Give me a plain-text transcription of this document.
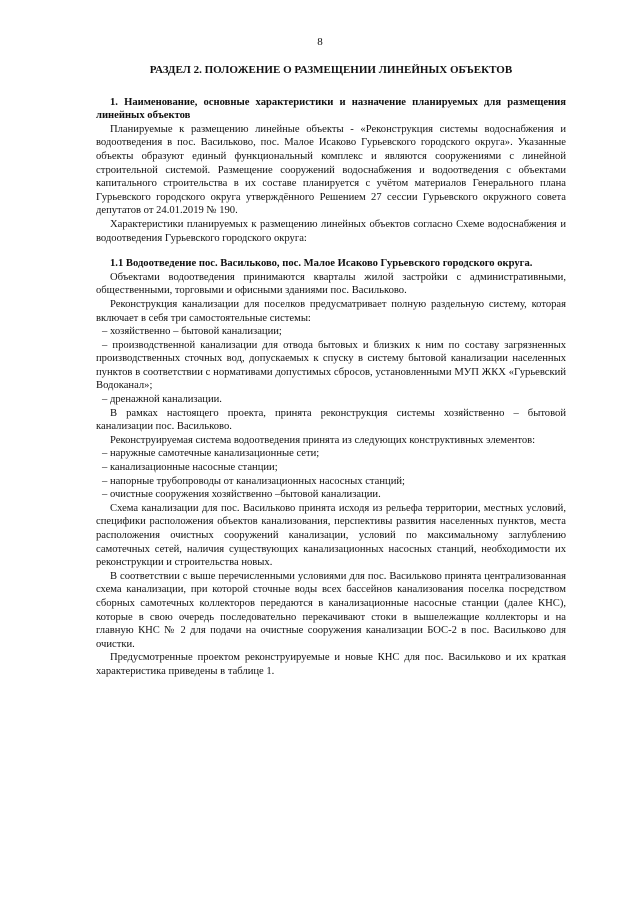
8
РАЗДЕЛ 2. ПОЛОЖЕНИЕ О РАЗМЕЩЕНИИ ЛИНЕЙНЫХ ОБЪЕКТОВ

1. Наименование, основные характеристики и назначение планируемых для размещения линейных объектов

Планируемые к размещению линейные объекты - «Реконструкция системы водоснабжения и водоотведения в пос. Васильково, пос. Малое Исаково Гурьевского городского округа». Указанные объекты образуют единый функциональный комплекс и являются сооружениями с линейной строительной системой. Размещение сооружений водоснабжения и водоотведения с объектами капитального строительства в их составе планируется с учётом материалов Генерального плана Гурьевского городского округа утверждённого Решением 27 сессии Гурьевского окружного совета депутатов от 24.01.2019 № 190.

Характеристики планируемых к размещению линейных объектов согласно Схеме водоснабжения и водоотведения Гурьевского городского округа:

1.1 Водоотведение пос. Васильково, пос. Малое Исаково Гурьевского городского округа.

Объектами водоотведения принимаются кварталы жилой застройки с административными, общественными, торговыми и офисными зданиями пос. Васильково.

Реконструкция канализации для поселков предусматривает полную раздельную систему, которая включает в себя три самостоятельные системы:

– хозяйственно – бытовой канализации;

– производственной канализации для отвода бытовых и близких к ним по составу загрязненных производственных сточных вод, допускаемых к спуску в систему бытовой канализации населенных пунктов в соответствии с нормативами допустимых сбросов, установленными МУП ЖКХ «Гурьевский Водоканал»;

– дренажной канализации.

В рамках настоящего проекта, принята реконструкция системы хозяйственно – бытовой канализации пос. Васильково.

Реконструируемая система водоотведения принята из следующих конструктивных элементов:

– наружные самотечные канализационные сети;

– канализационные насосные станции;

– напорные трубопроводы от канализационных насосных станций;

– очистные сооружения хозяйственно –бытовой канализации.

Схема канализации для пос. Васильково принята исходя из рельефа территории, местных условий, специфики расположения объектов канализования, перспективы развития населенных пунктов, места расположения очистных сооружений канализации, условий по максимальному заглублению самотечных сетей, наличия существующих канализационных насосных станций, необходимости их реконструкции и строительства новых.

В соответствии с выше перечисленными условиями для пос. Васильково принята централизованная схема канализации, при которой сточные воды всех бассейнов канализования поселка посредством сборных самотечных коллекторов передаются в канализационные насосные станции (далее КНС), которые в свою очередь последовательно перекачивают стоки в вышележащие коллекторы и на главную КНС № 2 для подачи на очистные сооружения канализации БОС-2 в пос. Васильково для очистки.

Предусмотренные проектом реконструируемые и новые КНС для пос. Васильково и их краткая характеристика приведены в таблице 1.
